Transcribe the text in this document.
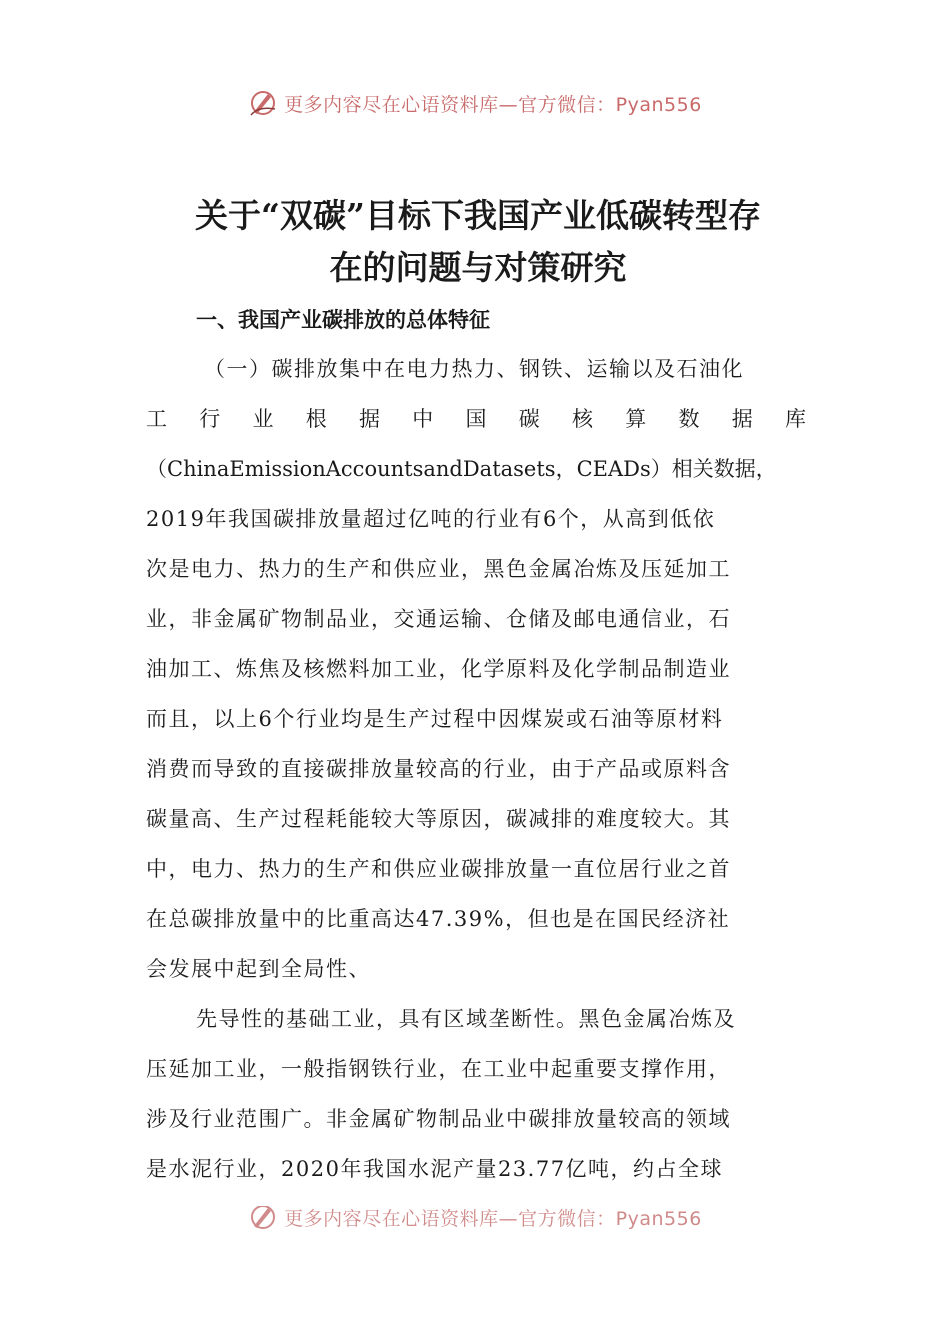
更多内容尽在心语资料库—官方微信：Pyan556
关于“双碳”目标下我国产业低碳转型存
在的问题与对策研究
一、我国产业碳排放的总体特征

（一）碳排放集中在电力热力、钢铁、运输以及石油化
工 行 业 根 据 中 国 碳 核 算 数 据 库
（ChinaEmissionAccountsandDatasets，CEADs）相关数据，
2019年我国碳排放量超过亿吨的行业有6个，从高到低依
次是电力、热力的生产和供应业，黑色金属冶炼及压延加工
业，非金属矿物制品业，交通运输、仓储及邮电通信业，石
油加工、炼焦及核燃料加工业，化学原料及化学制品制造业
而且，以上6个行业均是生产过程中因煤炭或石油等原材料
消费而导致的直接碳排放量较高的行业，由于产品或原料含
碳量高、生产过程耗能较大等原因，碳减排的难度较大。其
中，电力、热力的生产和供应业碳排放量一直位居行业之首
在总碳排放量中的比重高达47.39%，但也是在国民经济社
会发展中起到全局性、

先导性的基础工业，具有区域垄断性。黑色金属冶炼及
压延加工业，一般指钢铁行业，在工业中起重要支撑作用，
涉及行业范围广。非金属矿物制品业中碳排放量较高的领域
是水泥行业，2020年我国水泥产量23.77亿吨，约占全球

更多内容尽在心语资料库—官方微信：Pyan556
